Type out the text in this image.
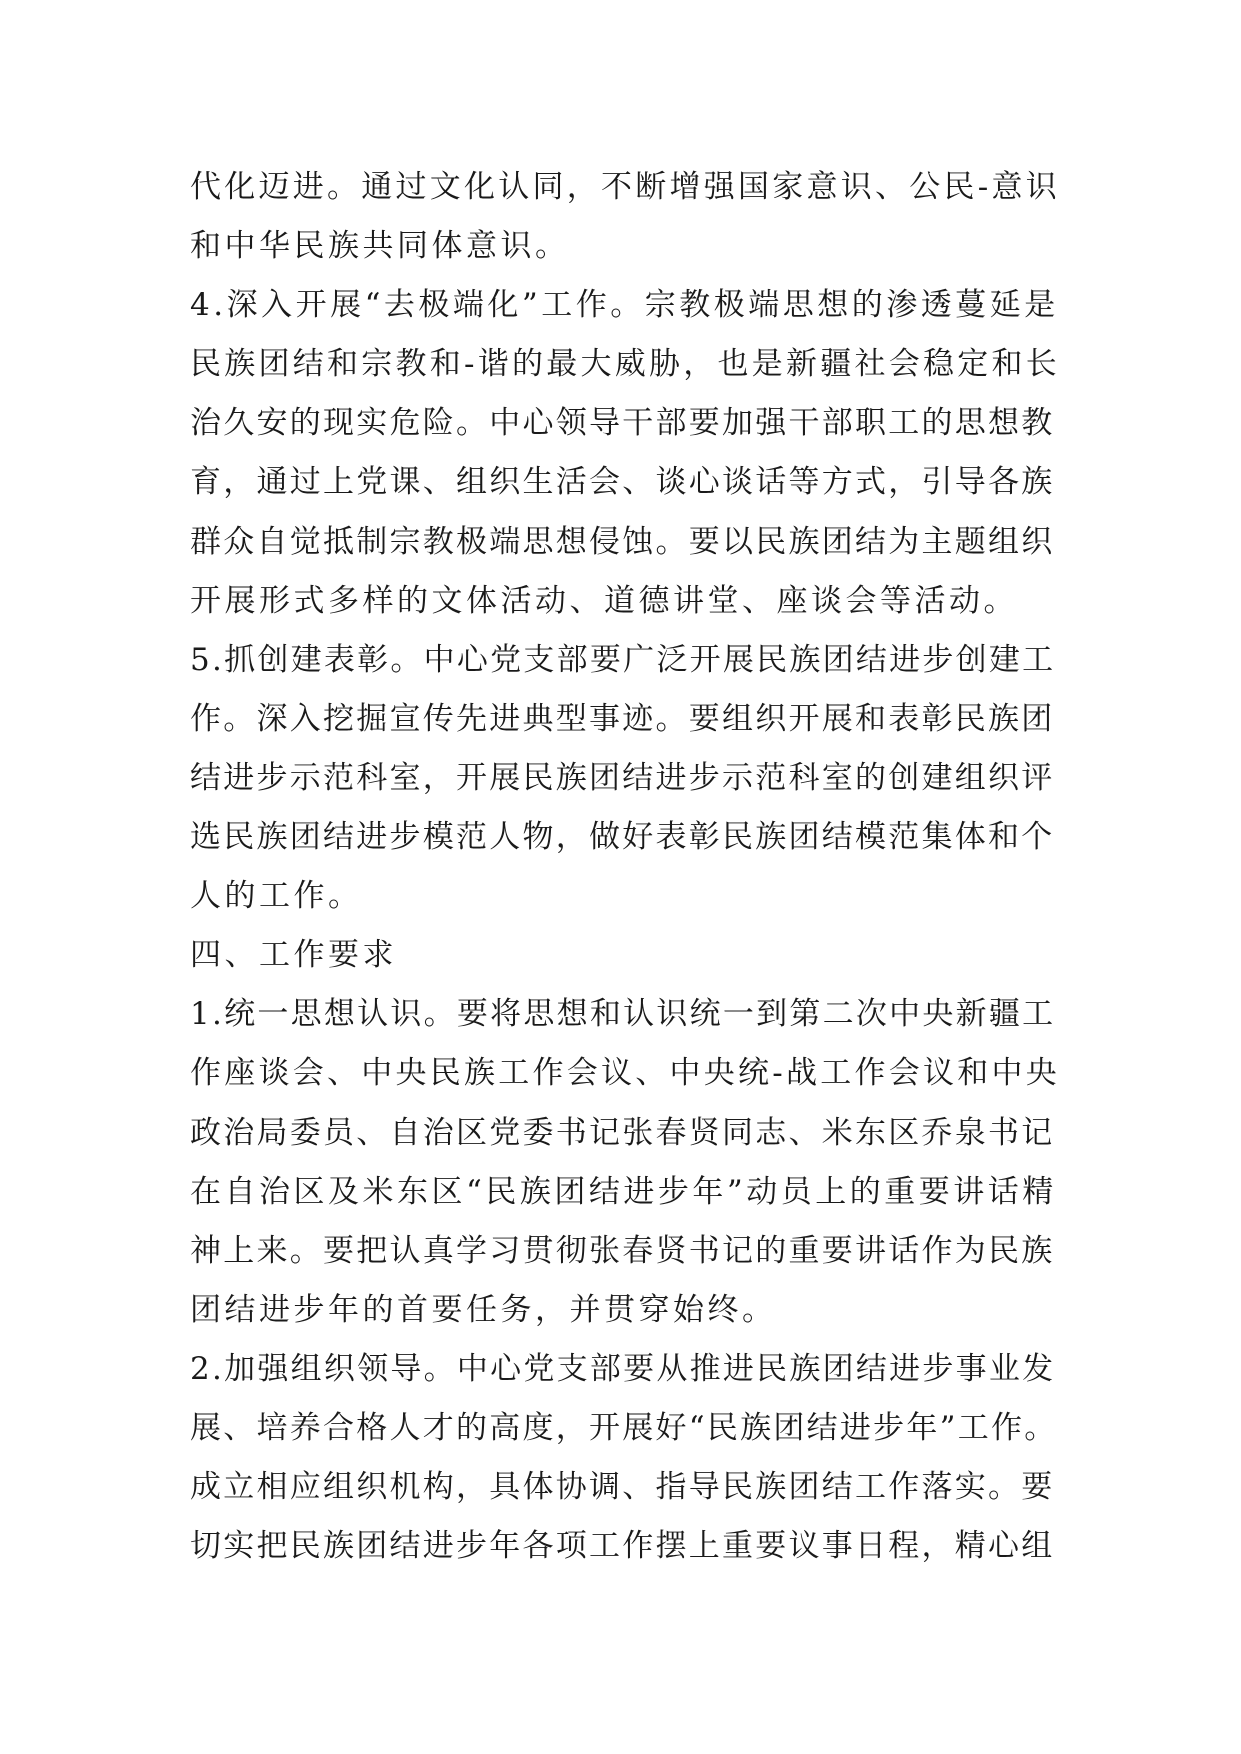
代化迈进。通过文化认同，不断增强国家意识、公民-意识
和中华民族共同体意识。
4.深入开展“去极端化”工作。宗教极端思想的渗透蔓延是
民族团结和宗教和-谐的最大威胁，也是新疆社会稳定和长
治久安的现实危险。中心领导干部要加强干部职工的思想教
育，通过上党课、组织生活会、谈心谈话等方式，引导各族
群众自觉抵制宗教极端思想侵蚀。要以民族团结为主题组织
开展形式多样的文体活动、道德讲堂、座谈会等活动。
5.抓创建表彰。中心党支部要广泛开展民族团结进步创建工
作。深入挖掘宣传先进典型事迹。要组织开展和表彰民族团
结进步示范科室，开展民族团结进步示范科室的创建组织评
选民族团结进步模范人物，做好表彰民族团结模范集体和个
人的工作。
四、工作要求
1.统一思想认识。要将思想和认识统一到第二次中央新疆工
作座谈会、中央民族工作会议、中央统-战工作会议和中央
政治局委员、自治区党委书记张春贤同志、米东区乔泉书记
在自治区及米东区“民族团结进步年”动员上的重要讲话精
神上来。要把认真学习贯彻张春贤书记的重要讲话作为民族
团结进步年的首要任务，并贯穿始终。
2.加强组织领导。中心党支部要从推进民族团结进步事业发
展、培养合格人才的高度，开展好“民族团结进步年”工作。
成立相应组织机构，具体协调、指导民族团结工作落实。要
切实把民族团结进步年各项工作摆上重要议事日程，精心组
